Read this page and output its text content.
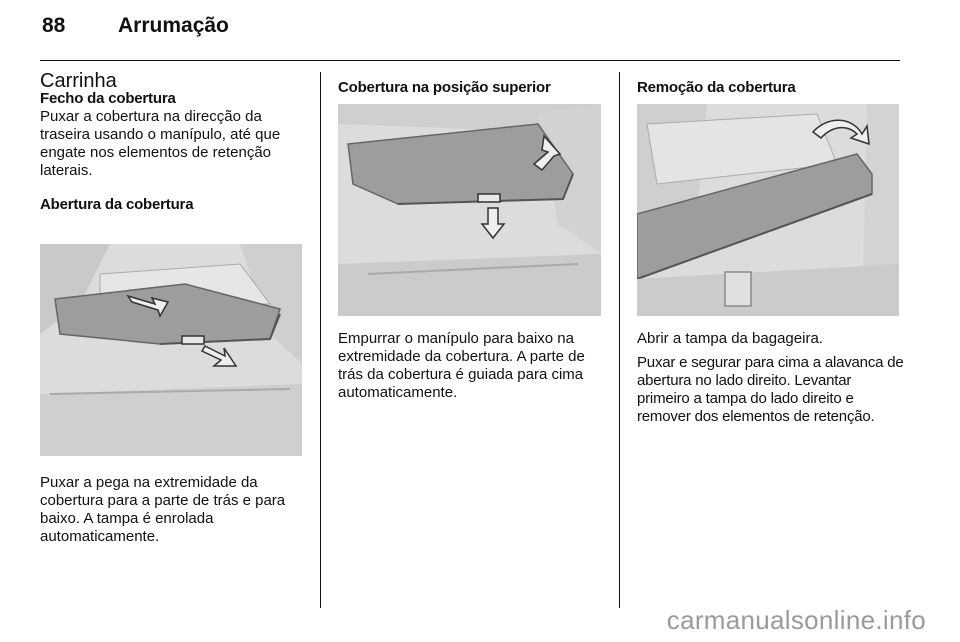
88	Arrumação

Carrinha

Fecho da cobertura

Puxar a cobertura na direcção da traseira usando o manípulo, até que engate nos elementos de retenção laterais.

Abertura da cobertura

Puxar a pega na extremidade da cobertura para a parte de trás e para baixo. A tampa é enrolada automaticamente.

Cobertura na posição superior

Empurrar o manípulo para baixo na extremidade da cobertura. A parte de trás da cobertura é guiada para cima automaticamente.

Remoção da cobertura

Abrir a tampa da bagageira.

Puxar e segurar para cima a alavanca de abertura no lado direito. Levantar primeiro a tampa do lado direito e remover dos elementos de retenção.

carmanualsonline.info
